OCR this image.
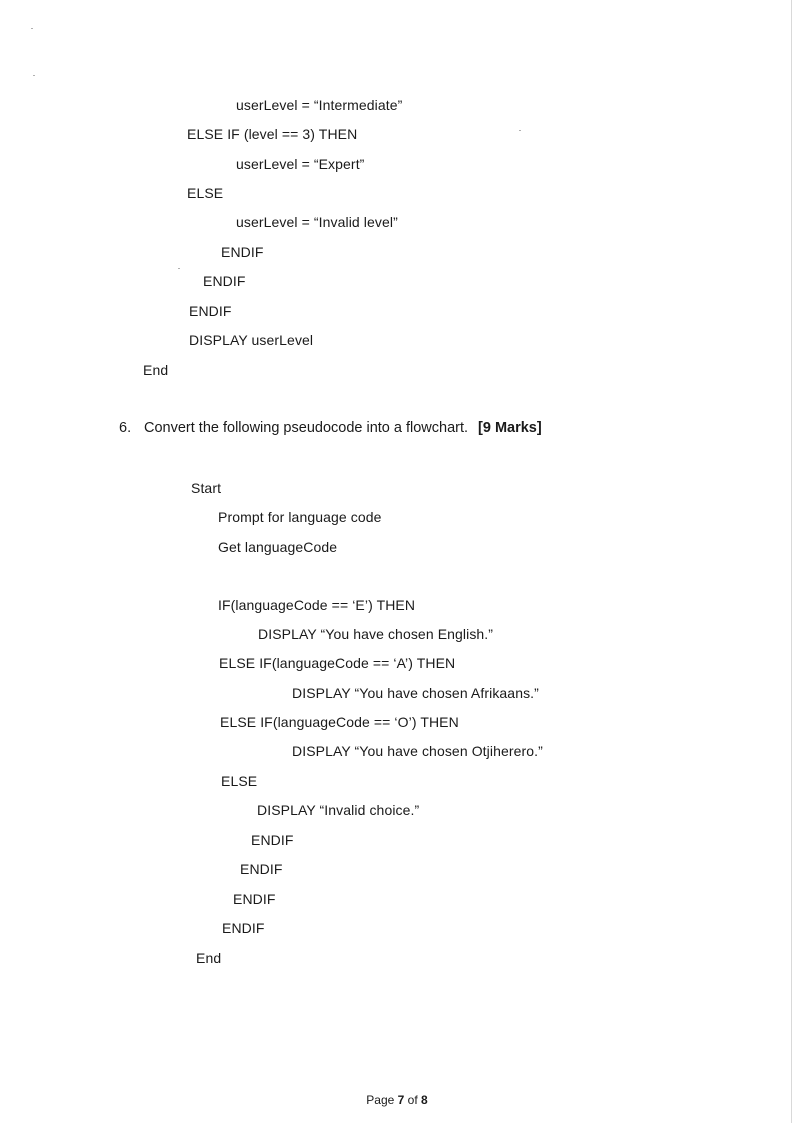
userLevel = “Intermediate”
ELSE IF (level == 3) THEN
userLevel = “Expert”
ELSE
userLevel = “Invalid level”
ENDIF
ENDIF
ENDIF
DISPLAY userLevel
End
6. Convert the following pseudocode into a flowchart. [9 Marks]
Start
Prompt for language code
Get languageCode
IF(languageCode == ‘E’) THEN
DISPLAY “You have chosen English.”
ELSE IF(languageCode == ‘A’) THEN
DISPLAY “You have chosen Afrikaans.”
ELSE IF(languageCode == ‘O’) THEN
DISPLAY “You have chosen Otjiherero.”
ELSE
DISPLAY “Invalid choice.”
ENDIF
ENDIF
ENDIF
ENDIF
End
Page 7 of 8
